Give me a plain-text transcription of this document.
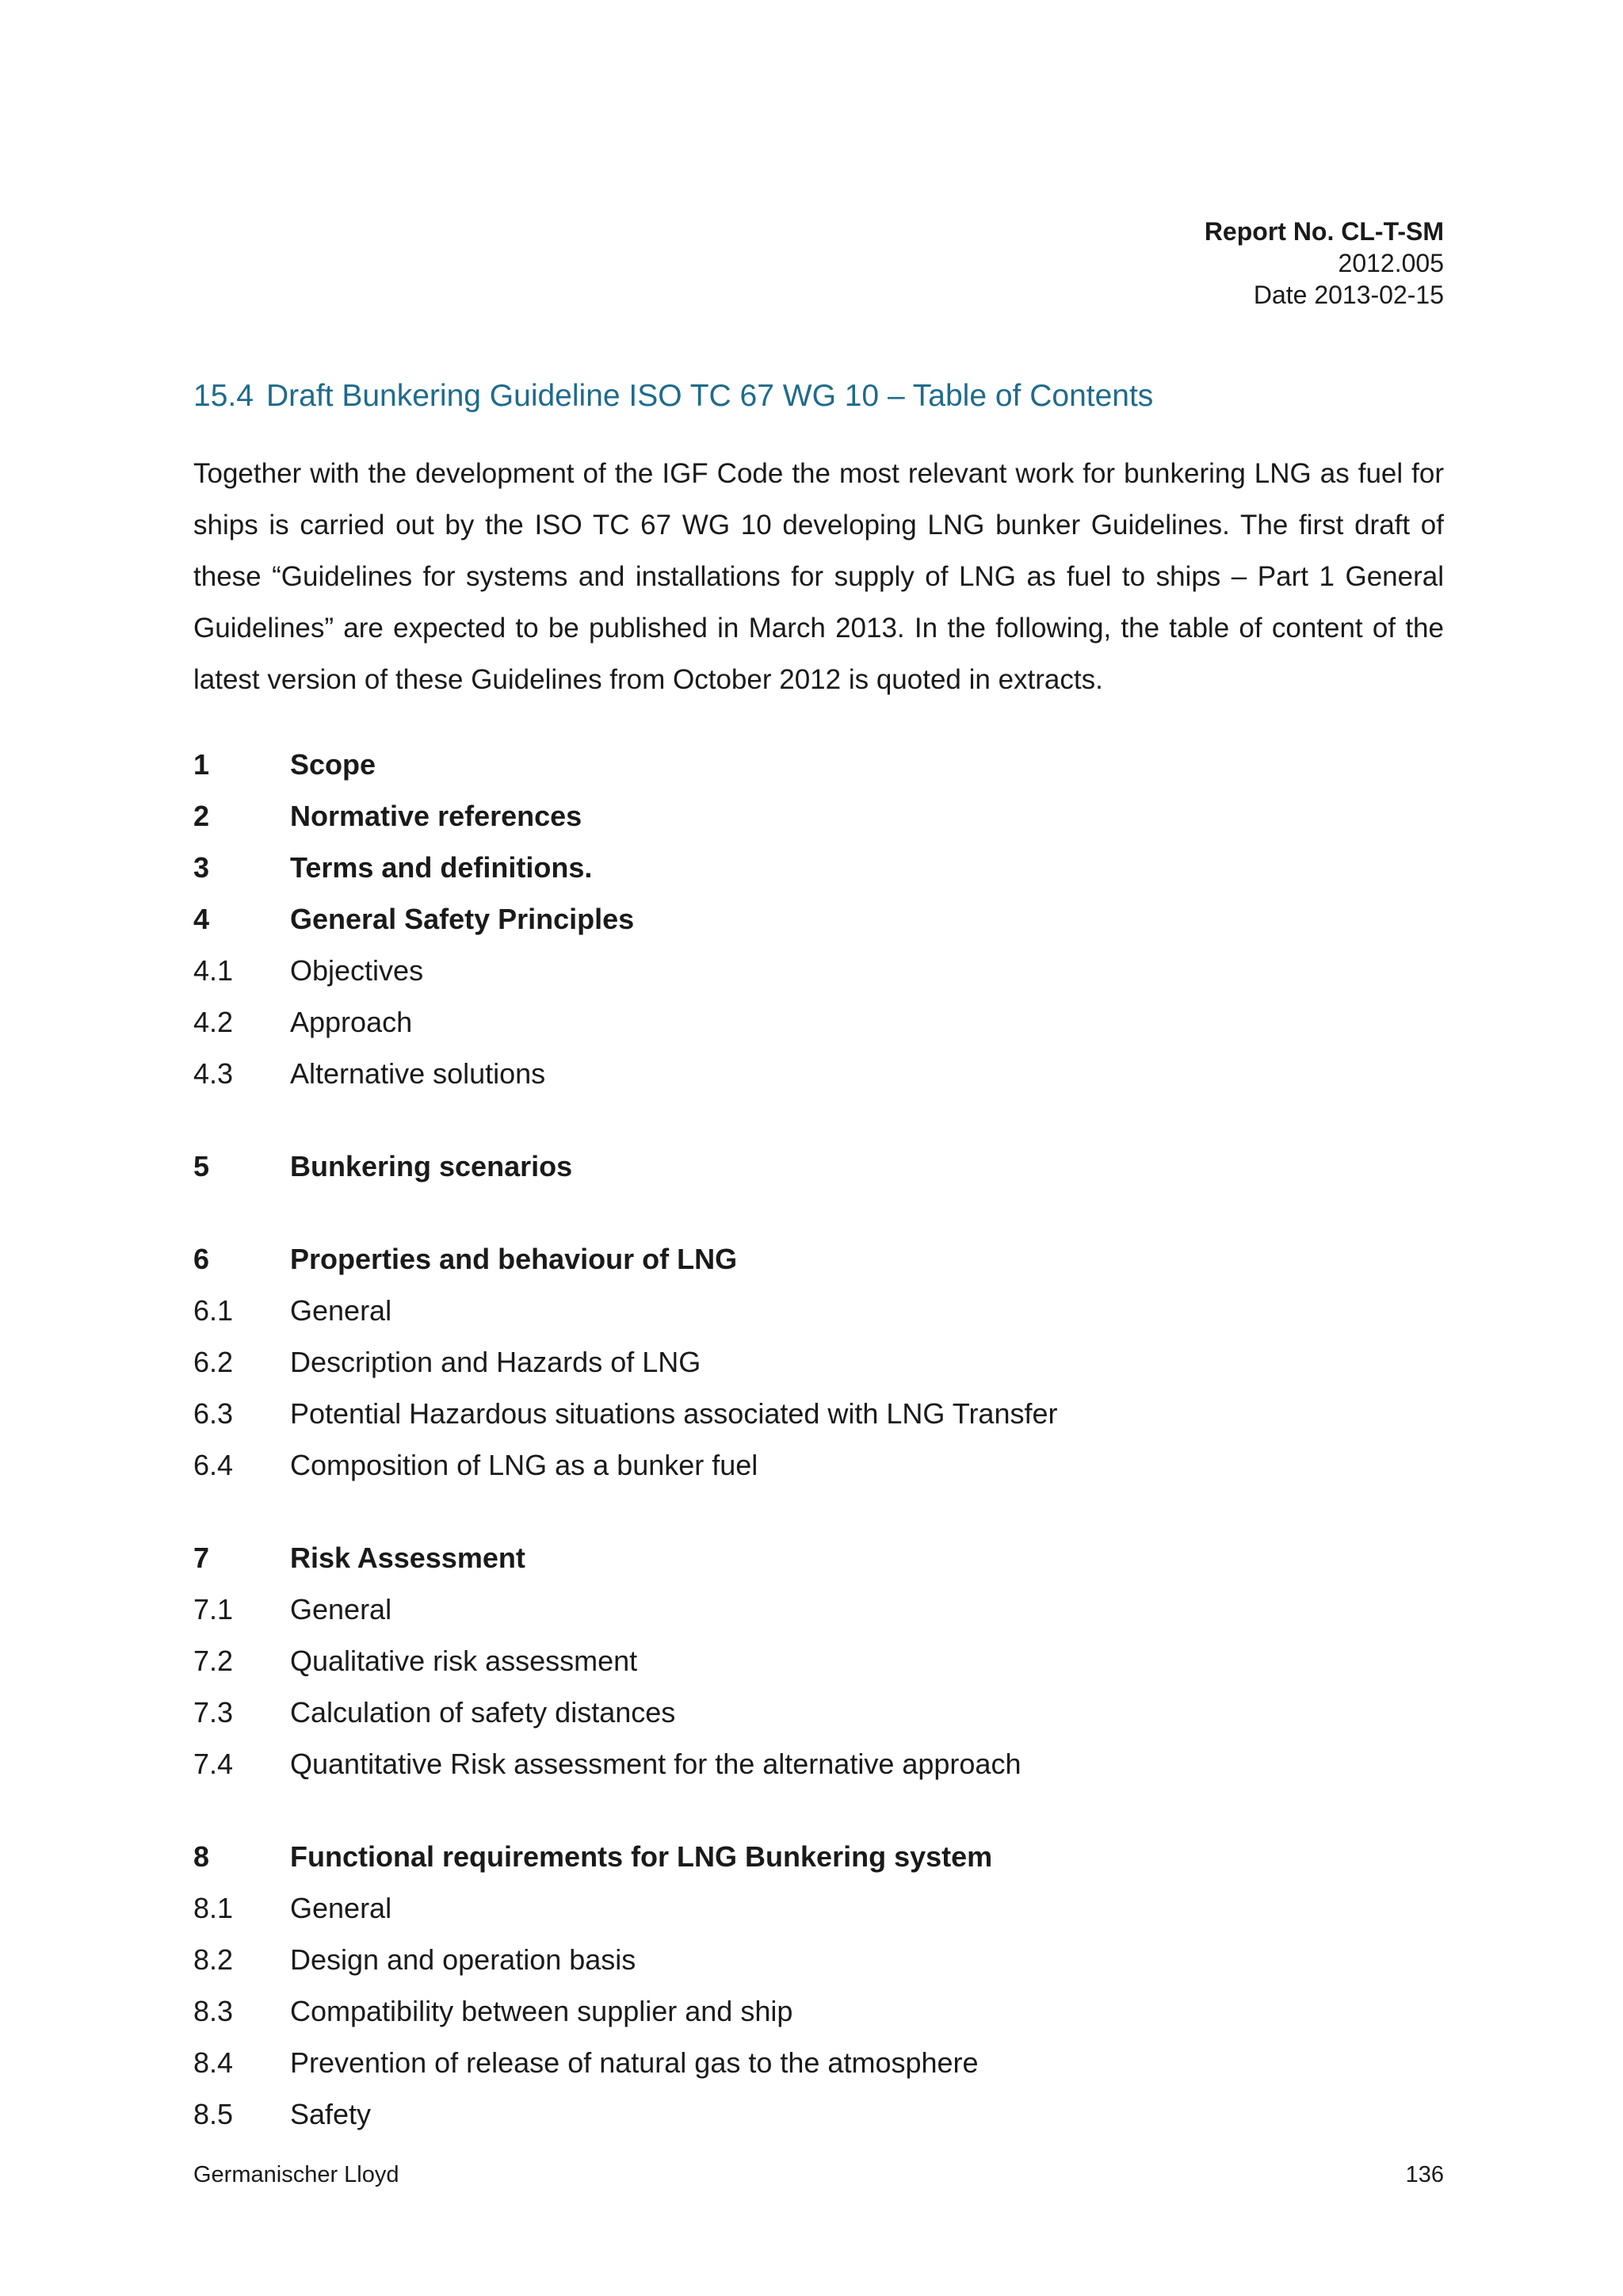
Report No. CL-T-SM
2012.005
Date 2013-02-15
15.4 Draft Bunkering Guideline ISO TC 67 WG 10 – Table of Contents
Together with the development of the IGF Code the most relevant work for bunkering LNG as fuel for ships is carried out by the ISO TC 67 WG 10 developing LNG bunker Guidelines. The first draft of these “Guidelines for systems and installations for supply of LNG as fuel to ships – Part 1 General Guidelines” are expected to be published in March 2013. In the following, the table of content of the latest version of these Guidelines from October 2012 is quoted in extracts.
1	Scope
2	Normative references
3	Terms and definitions.
4	General Safety Principles
4.1	Objectives
4.2	Approach
4.3	Alternative solutions
5	Bunkering scenarios
6	Properties and behaviour of LNG
6.1	General
6.2	Description and Hazards of LNG
6.3	Potential Hazardous situations associated with LNG Transfer
6.4	Composition of LNG as a bunker fuel
7	Risk Assessment
7.1	General
7.2	Qualitative risk assessment
7.3	Calculation of safety distances
7.4	Quantitative Risk assessment for the alternative approach
8	Functional requirements for LNG Bunkering system
8.1	General
8.2	Design and operation basis
8.3	Compatibility between supplier and ship
8.4	Prevention of release of natural gas to the atmosphere
8.5	Safety
Germanischer Lloyd	136
